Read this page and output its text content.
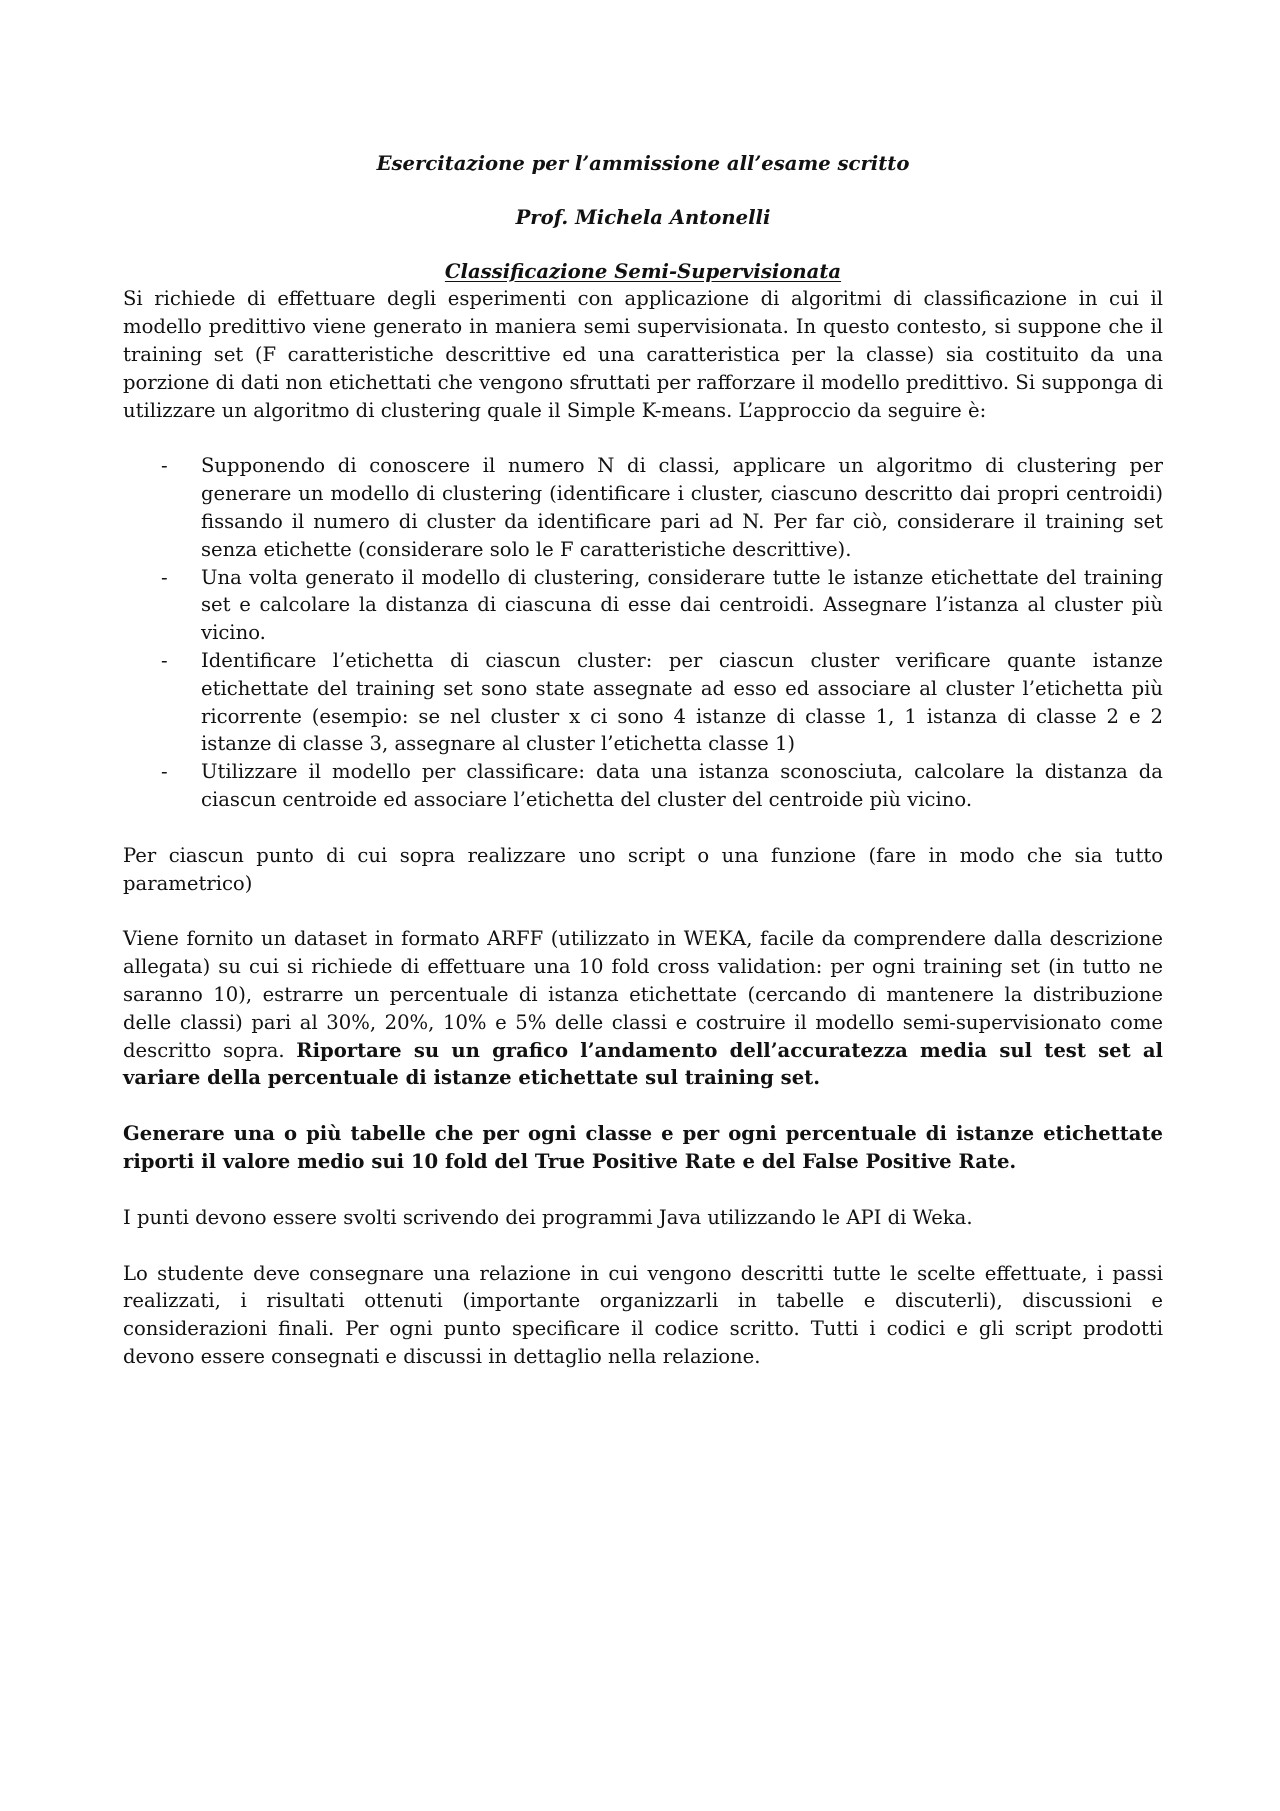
Esercitazione per l’ammissione all’esame scritto
Prof. Michela Antonelli
Classificazione Semi-Supervisionata

Si richiede di effettuare degli esperimenti con applicazione di algoritmi di classificazione in cui il modello predittivo viene generato in maniera semi supervisionata. In questo contesto, si suppone che il training set (F caratteristiche descrittive ed una caratteristica per la classe) sia costituito da una porzione di dati non etichettati che vengono sfruttati per rafforzare il modello predittivo. Si supponga di utilizzare un algoritmo di clustering quale il Simple K-means. L’approccio da seguire è:

- Supponendo di conoscere il numero N di classi, applicare un algoritmo di clustering per generare un modello di clustering (identificare i cluster, ciascuno descritto dai propri centroidi) fissando il numero di cluster da identificare pari ad N. Per far ciò, considerare il training set senza etichette (considerare solo le F caratteristiche descrittive).
- Una volta generato il modello di clustering, considerare tutte le istanze etichettate del training set e calcolare la distanza di ciascuna di esse dai centroidi. Assegnare l’istanza al cluster più vicino.
- Identificare l’etichetta di ciascun cluster: per ciascun cluster verificare quante istanze etichettate del training set sono state assegnate ad esso ed associare al cluster l’etichetta più ricorrente (esempio: se nel cluster x ci sono 4 istanze di classe 1, 1 istanza di classe 2 e 2 istanze di classe 3, assegnare al cluster l’etichetta classe 1)
- Utilizzare il modello per classificare: data una istanza sconosciuta, calcolare la distanza da ciascun centroide ed associare l’etichetta del cluster del centroide più vicino.

Per ciascun punto di cui sopra realizzare uno script o una funzione (fare in modo che sia tutto parametrico)

Viene fornito un dataset in formato ARFF (utilizzato in WEKA, facile da comprendere dalla descrizione allegata) su cui si richiede di effettuare una 10 fold cross validation: per ogni training set (in tutto ne saranno 10), estrarre un percentuale di istanza etichettate (cercando di mantenere la distribuzione delle classi) pari al 30%, 20%, 10% e 5% delle classi e costruire il modello semi-supervisionato come descritto sopra. Riportare su un grafico l’andamento dell’accuratezza media sul test set al variare della percentuale di istanze etichettate sul training set.

Generare una o più tabelle che per ogni classe e per ogni percentuale di istanze etichettate riporti il valore medio sui 10 fold del True Positive Rate e del False Positive Rate.

I punti devono essere svolti scrivendo dei programmi Java utilizzando le API di Weka.

Lo studente deve consegnare una relazione in cui vengono descritti tutte le scelte effettuate, i passi realizzati, i risultati ottenuti (importante organizzarli in tabelle e discuterli), discussioni e considerazioni finali. Per ogni punto specificare il codice scritto. Tutti i codici e gli script prodotti devono essere consegnati e discussi in dettaglio nella relazione.
